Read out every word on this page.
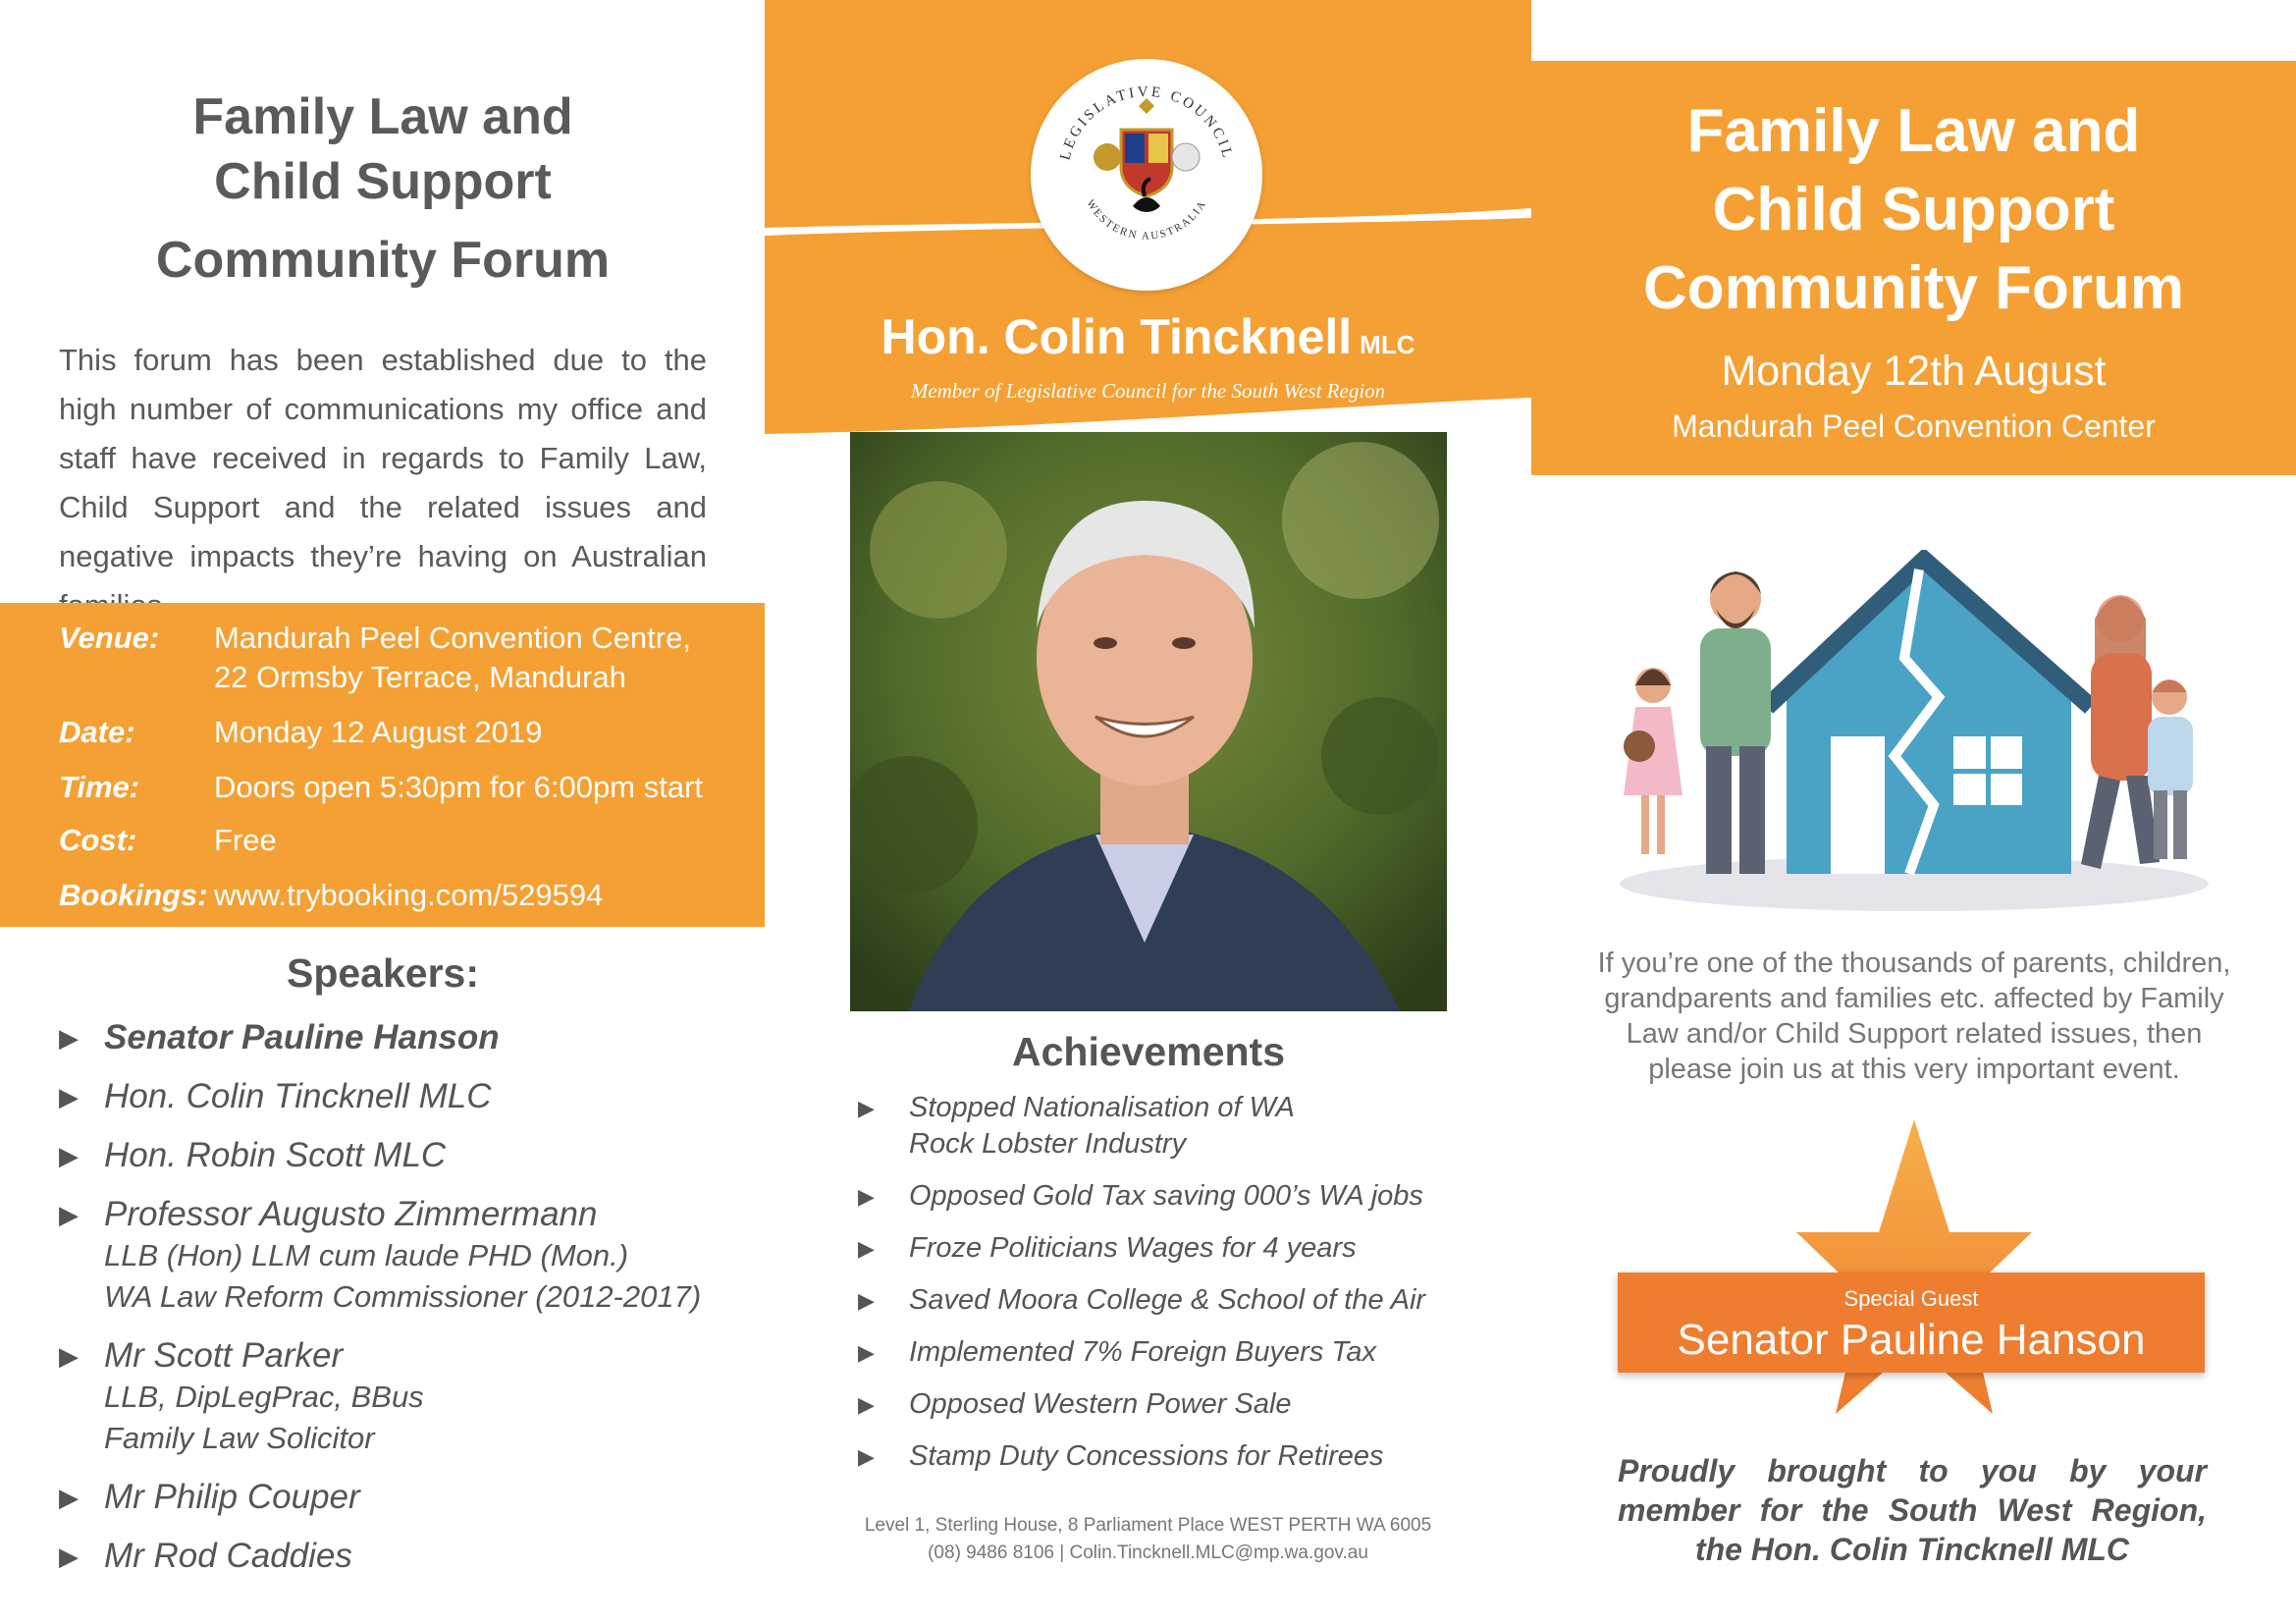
Family Law and
Child Support
Community Forum
This forum has been established due to the high number of communications my office and staff have received in regards to Family Law, Child Support and the related issues and negative impacts they’re having on Australian
Venue:	Mandurah Peel Convention Centre,
22 Ormsby Terrace, Mandurah
Date:	Monday 12 August 2019
Time:	Doors open 5:30pm for 6:00pm start
Cost:	Free
Bookings: www.trybooking.com/529594
Speakers:
▶ Senator Pauline Hanson
▶ Hon. Colin Tincknell MLC
▶ Hon. Robin Scott MLC
▶ Professor Augusto Zimmermann
LLB (Hon) LLM cum laude PHD (Mon.)
WA Law Reform Commissioner (2012-2017)
▶ Mr Scott Parker
LLB, DipLegPrac, BBus
Family Law Solicitor
▶ Mr Philip Couper
▶ Mr Rod Caddies
LEGISLATIVE COUNCIL
WESTERN AUSTRALIA
Hon. Colin Tincknell MLC
Member of Legislative Council for the South West Region
Achievements
▶ Stopped Nationalisation of WA
Rock Lobster Industry
▶ Opposed Gold Tax saving 000’s WA jobs
▶ Froze Politicians Wages for 4 years
▶ Saved Moora College & School of the Air
▶ Implemented 7% Foreign Buyers Tax
▶ Opposed Western Power Sale
▶ Stamp Duty Concessions for Retirees
Level 1, Sterling House, 8 Parliament Place WEST PERTH WA 6005
(08) 9486 8106 | Colin.Tincknell.MLC@mp.wa.gov.au
Family Law and
Child Support
Community Forum
Monday 12th August
Mandurah Peel Convention Center
If you’re one of the thousands of parents, children, grandparents and families etc. affected by Family Law and/or Child Support related issues, then please join us at this very important event.
Special Guest
Senator Pauline Hanson
Proudly brought to you by your member for the South West Region, the Hon. Colin Tincknell MLC
